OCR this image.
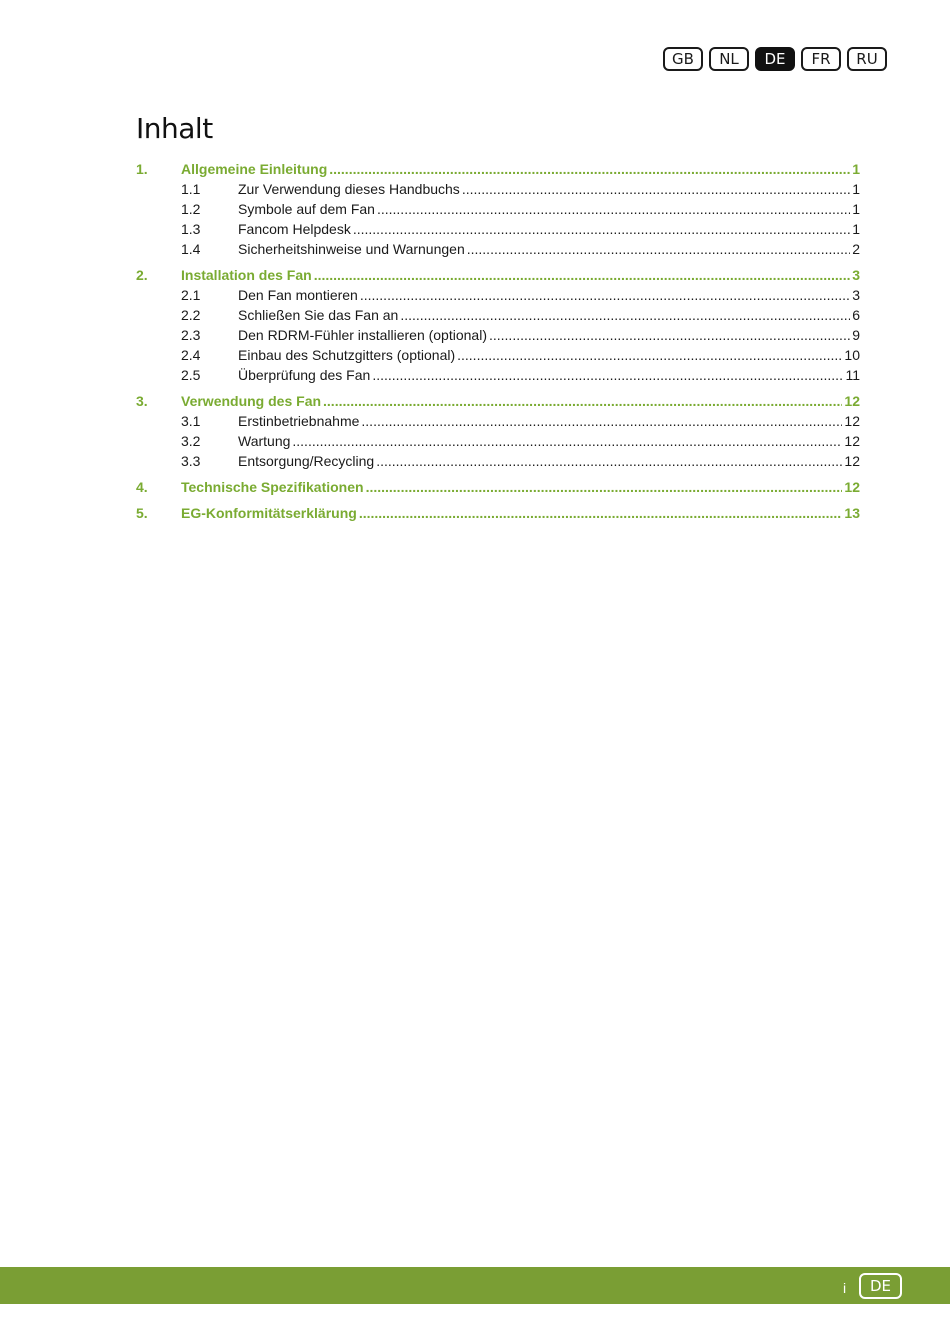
GB	NL	DE	FR	RU
Inhalt
1.	Allgemeine Einleitung .....	1
1.1	Zur Verwendung dieses Handbuchs .....	1
1.2	Symbole auf dem Fan .....	1
1.3	Fancom Helpdesk .....	1
1.4	Sicherheitshinweise und Warnungen .....	2
2.	Installation des Fan .....	3
2.1	Den Fan montieren .....	3
2.2	Schließen Sie das Fan an .....	6
2.3	Den RDRM-Fühler installieren (optional) .....	9
2.4	Einbau des Schutzgitters (optional) .....	10
2.5	Überprüfung des Fan .....	11
3.	Verwendung des Fan .....	12
3.1	Erstinbetriebnahme .....	12
3.2	Wartung .....	12
3.3	Entsorgung/Recycling .....	12
4.	Technische Spezifikationen .....	12
5.	EG-Konformitätserklärung .....	13
i	DE
